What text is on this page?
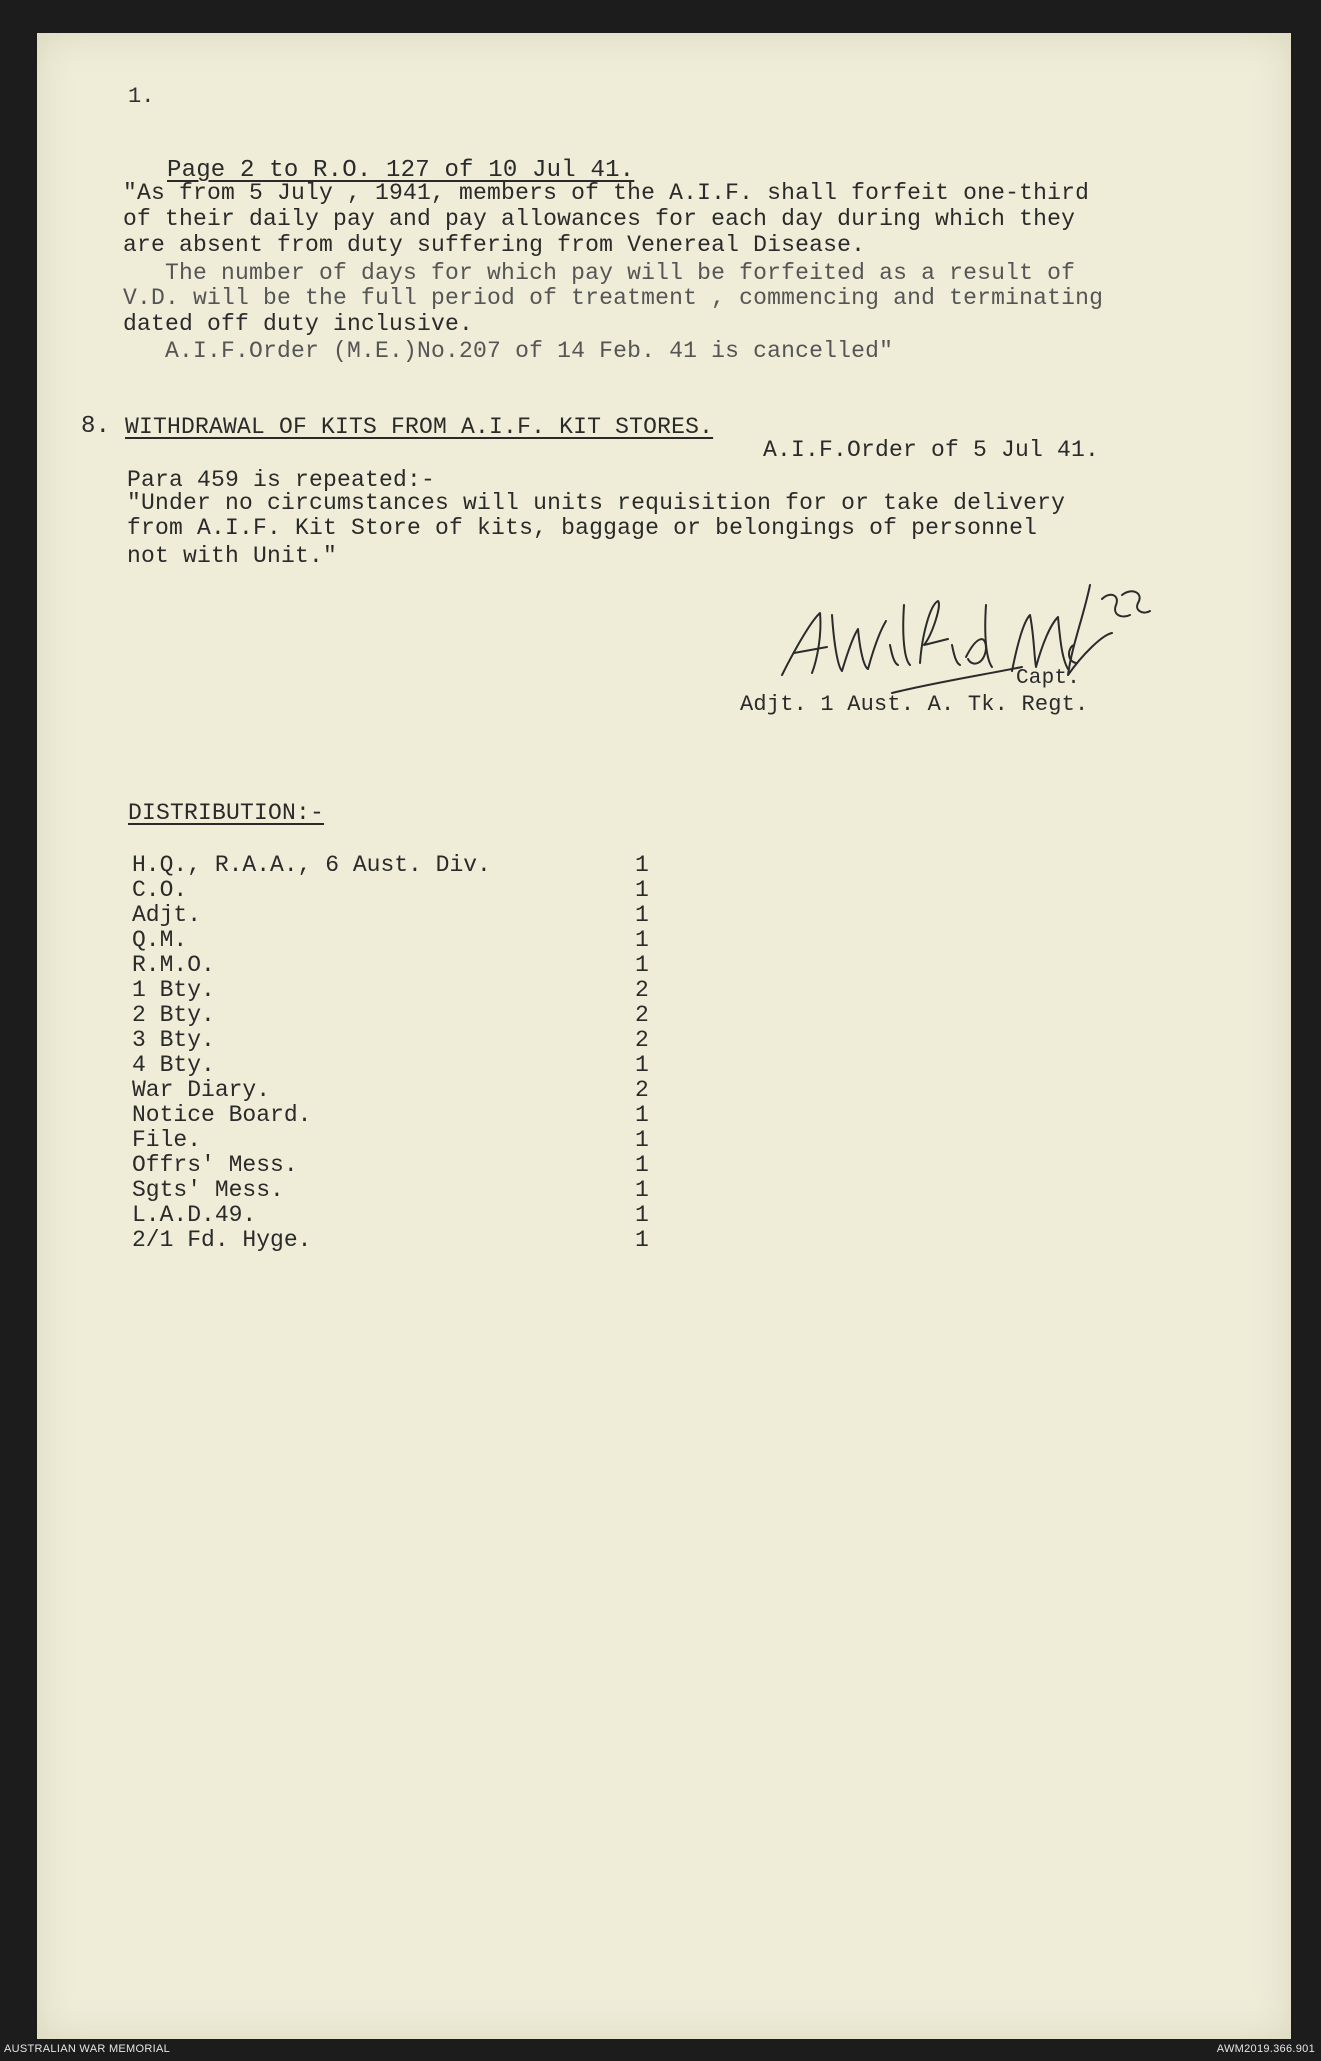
1.
Page 2 to R.O. 127 of 10 Jul 41.
"As from 5 July , 1941, members of the A.I.F. shall forfeit one-third
of their daily pay and pay allowances for each day during which they
are absent from duty suffering from Venereal Disease.
The number of days for which pay will be forfeited as a result of
V.D. will be the full period of treatment , commencing and terminating
dated off duty inclusive.
A.I.F.Order (M.E.)No.207 of 14 Feb. 41 is cancelled"
8. WITHDRAWAL OF KITS FROM A.I.F. KIT STORES.
A.I.F.Order of 5 Jul 41.
Para 459 is repeated:-
"Under no circumstances will units requisition for or take delivery
from A.I.F. Kit Store of kits, baggage or belongings of personnel
not with Unit."
Capt.
Adjt. 1 Aust. A. Tk. Regt.
DISTRIBUTION:-
H.Q., R.A.A., 6 Aust. Div.	1
C.O.	1
Adjt.	1
Q.M.	1
R.M.O.	1
1 Bty.	2
2 Bty.	2
3 Bty.	2
4 Bty.	1
War Diary.	2
Notice Board.	1
File.	1
Offrs' Mess.	1
Sgts' Mess.	1
L.A.D.49.	1
2/1 Fd. Hyge.	1
AUSTRALIAN WAR MEMORIAL	AWM2019.366.901
